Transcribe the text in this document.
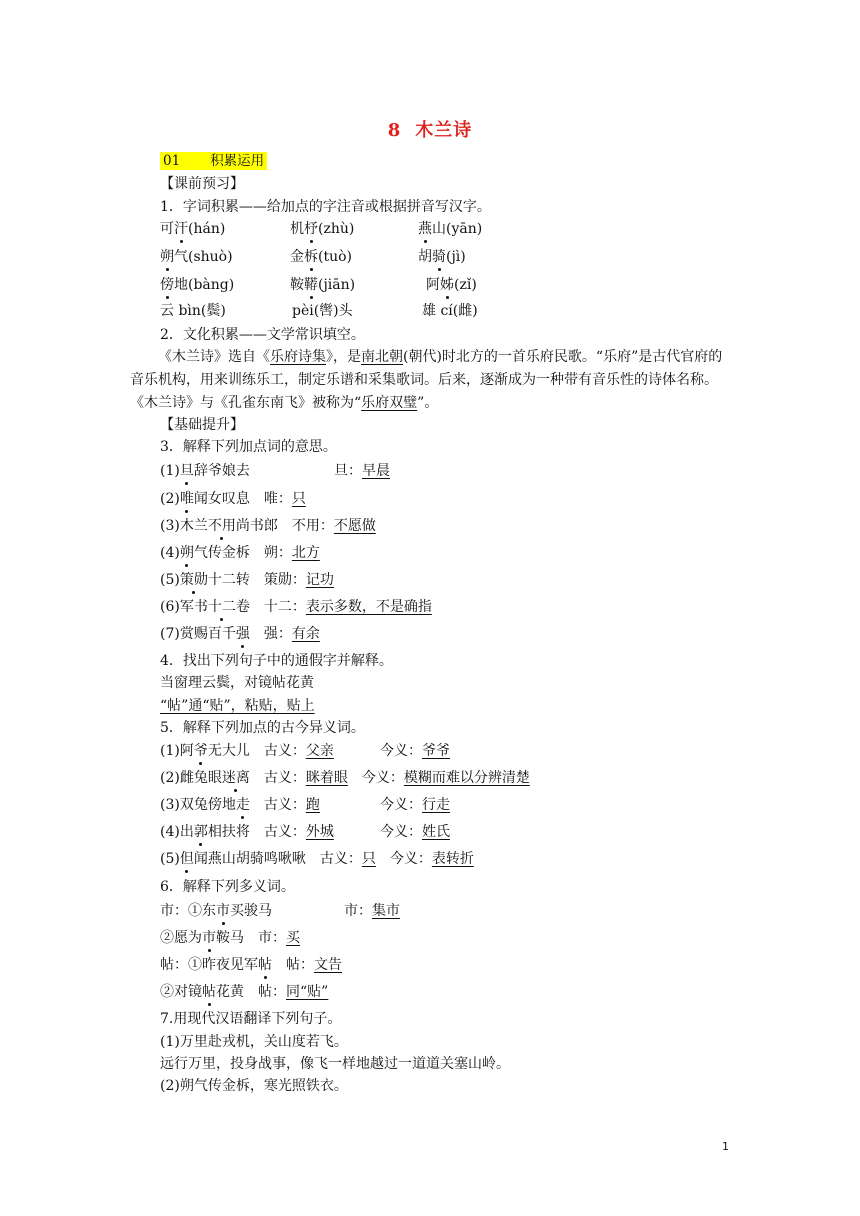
8 木兰诗
01 积累运用
【课前预习】
1．字词积累——给加点的字注音或根据拼音写汉字。
可汗(hán)	机杼(zhù)	燕山(yān)
朔气(shuò)	金柝(tuò)	胡骑(jì)
傍地(bàng)	鞍鞯(jiān)	阿姊(zǐ)
云 bìn(鬓)	pèi(辔)头	雄 cí(雌)
2．文化积累——文学常识填空。
《木兰诗》选自《乐府诗集》，是南北朝(朝代)时北方的一首乐府民歌。“乐府”是古代官府的音乐机构，用来训练乐工，制定乐谱和采集歌词。后来，逐渐成为一种带有音乐性的诗体名称。《木兰诗》与《孔雀东南飞》被称为“乐府双璧”。
【基础提升】
3．解释下列加点词的意思。
(1)旦辞爷娘去	旦：早晨
(2)唯闻女叹息 唯：只
(3)木兰不用尚书郎 不用：不愿做
(4)朔气传金柝 朔：北方
(5)策勋十二转 策勋：记功
(6)军书十二卷 十二：表示多数，不是确指
(7)赏赐百千强 强：有余
4．找出下列句子中的通假字并解释。
当窗理云鬓，对镜帖花黄
“帖”通“贴”，粘贴，贴上
5．解释下列加点的古今异义词。
(1)阿爷无大儿 古义：父亲	今义：爷爷
(2)雌兔眼迷离 古义：眯着眼 今义：模糊而难以分辨清楚
(3)双兔傍地走 古义：跑	今义：行走
(4)出郭相扶将 古义：外城	今义：姓氏
(5)但闻燕山胡骑鸣啾啾 古义：只 今义：表转折
6．解释下列多义词。
市：①东市买骏马	市：集市
②愿为市鞍马 市：买
帖：①昨夜见军帖 帖：文告
②对镜帖花黄 帖：同“贴”
7.用现代汉语翻译下列句子。
(1)万里赴戎机，关山度若飞。
远行万里，投身战事，像飞一样地越过一道道关塞山岭。
(2)朔气传金柝，寒光照铁衣。
1
